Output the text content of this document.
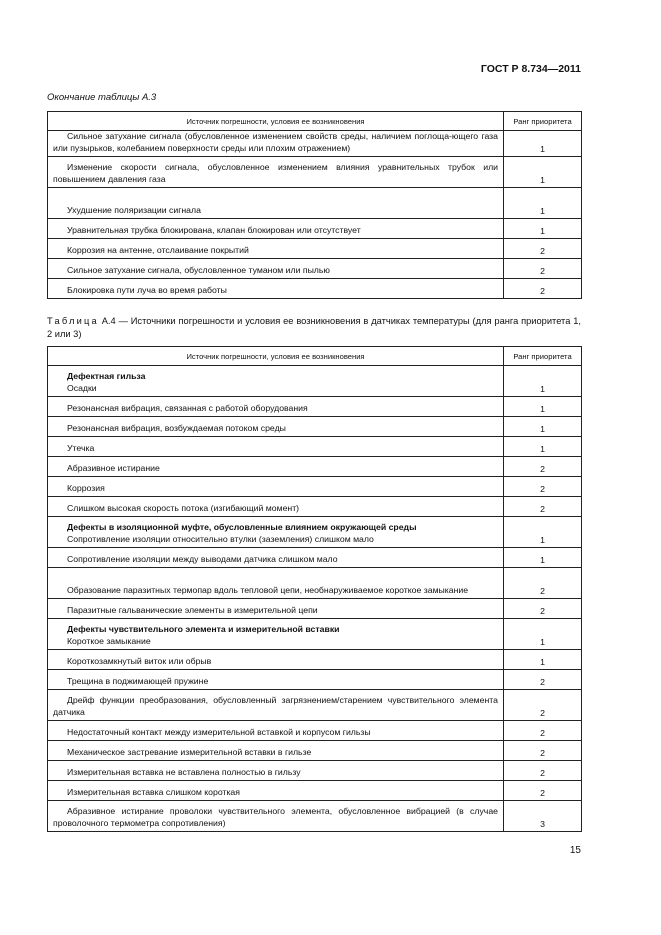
ГОСТ Р 8.734—2011
Окончание таблицы А.3
Источник погрешности, условия ее возникновения	Ранг приоритета
Сильное затухание сигнала (обусловленное изменением свойств среды, наличием поглоща-ющего газа или пузырьков, колебанием поверхности среды или плохим отражением)	1
Изменение скорости сигнала, обусловленное изменением влияния уравнительных трубок или повышением давления газа	1
Ухудшение поляризации сигнала	1
Уравнительная трубка блокирована, клапан блокирован или отсутствует	1
Коррозия на антенне, отслаивание покрытий	2
Сильное затухание сигнала, обусловленное туманом или пылью	2
Блокировка пути луча во время работы	2
Таблица А.4 — Источники погрешности и условия ее возникновения в датчиках температуры (для ранга приоритета 1, 2 или 3)
Источник погрешности, условия ее возникновения	Ранг приоритета

Дефектная гильза
Осадки	1
Резонансная вибрация, связанная с работой оборудования	1
Резонансная вибрация, возбуждаемая потоком среды	1
Утечка	1
Абразивное истирание	2
Коррозия	2
Слишком высокая скорость потока (изгибающий момент)	2

Дефекты в изоляционной муфте, обусловленные влиянием окружающей среды
Сопротивление изоляции относительно втулки (заземления) слишком мало	1
Сопротивление изоляции между выводами датчика слишком мало	1
Образование паразитных термопар вдоль тепловой цепи, необнаруживаемое короткое замыкание	2
Паразитные гальванические элементы в измерительной цепи	2

Дефекты чувствительного элемента и измерительной вставки
Короткое замыкание	1
Короткозамкнутый виток или обрыв	1
Трещина в поджимающей пружине	2
Дрейф функции преобразования, обусловленный загрязнением/старением чувствительного элемента датчика	2
Недостаточный контакт между измерительной вставкой и корпусом гильзы	2
Механическое застревание измерительной вставки в гильзе	2
Измерительная вставка не вставлена полностью в гильзу	2
Измерительная вставка слишком короткая	2
Абразивное истирание проволоки чувствительного элемента, обусловленное вибрацией (в случае проволочного термометра сопротивления)	3
15
